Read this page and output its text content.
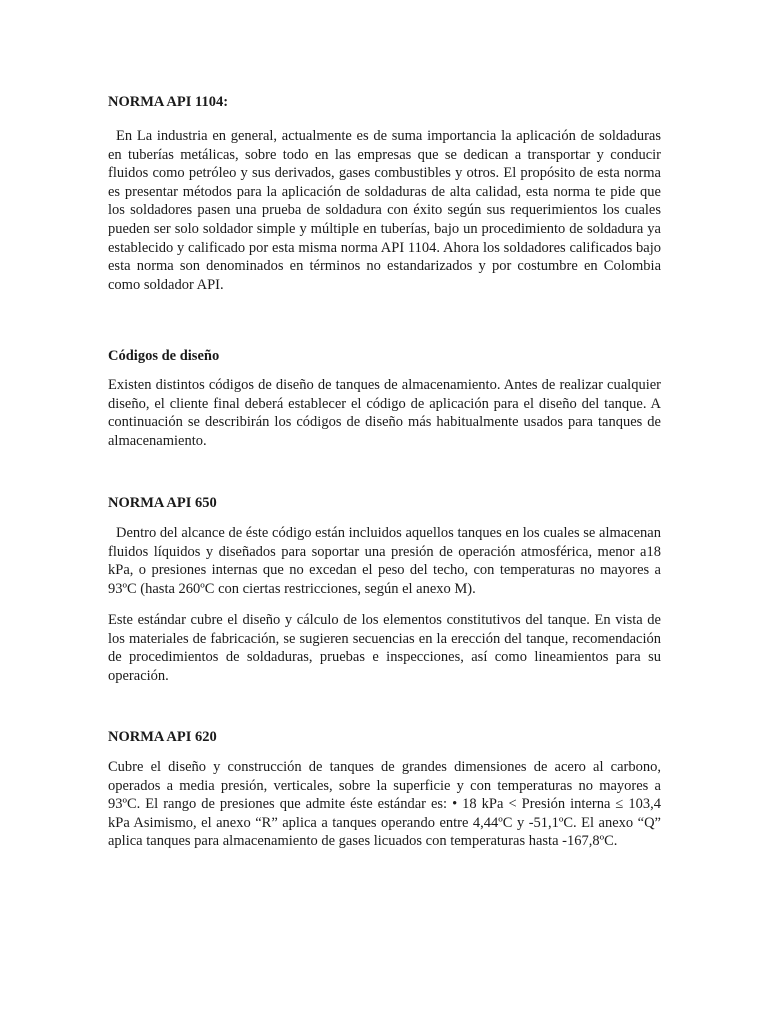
NORMA API 1104:

En La industria en general, actualmente es de suma importancia la aplicación de soldaduras en tuberías metálicas, sobre todo en las empresas que se dedican a transportar y conducir fluidos como petróleo y sus derivados, gases combustibles y otros. El propósito de esta norma es presentar métodos para la aplicación de soldaduras de alta calidad, esta norma te pide que los soldadores pasen una prueba de soldadura con éxito según sus requerimientos los cuales pueden ser solo soldador simple y múltiple en tuberías, bajo un procedimiento de soldadura ya establecido y calificado por esta misma norma API 1104. Ahora los soldadores calificados bajo esta norma son denominados en términos no estandarizados y por costumbre en Colombia como soldador API.

Códigos de diseño

Existen distintos códigos de diseño de tanques de almacenamiento. Antes de realizar cualquier diseño, el cliente final deberá establecer el código de aplicación para el diseño del tanque. A continuación se describirán los códigos de diseño más habitualmente usados para tanques de almacenamiento.

NORMA API 650

Dentro del alcance de éste código están incluidos aquellos tanques en los cuales se almacenan fluidos líquidos y diseñados para soportar una presión de operación atmosférica, menor a18 kPa, o presiones internas que no excedan el peso del techo, con temperaturas no mayores a 93ºC (hasta 260ºC con ciertas restricciones, según el anexo M).

Este estándar cubre el diseño y cálculo de los elementos constitutivos del tanque. En vista de los materiales de fabricación, se sugieren secuencias en la erección del tanque, recomendación de procedimientos de soldaduras, pruebas e inspecciones, así como lineamientos para su operación.

NORMA API 620

Cubre el diseño y construcción de tanques de grandes dimensiones de acero al carbono, operados a media presión, verticales, sobre la superficie y con temperaturas no mayores a 93ºC. El rango de presiones que admite éste estándar es: • 18 kPa < Presión interna ≤ 103,4 kPa Asimismo, el anexo “R” aplica a tanques operando entre 4,44ºC y -51,1ºC. El anexo “Q” aplica tanques para almacenamiento de gases licuados con temperaturas hasta -167,8ºC.
